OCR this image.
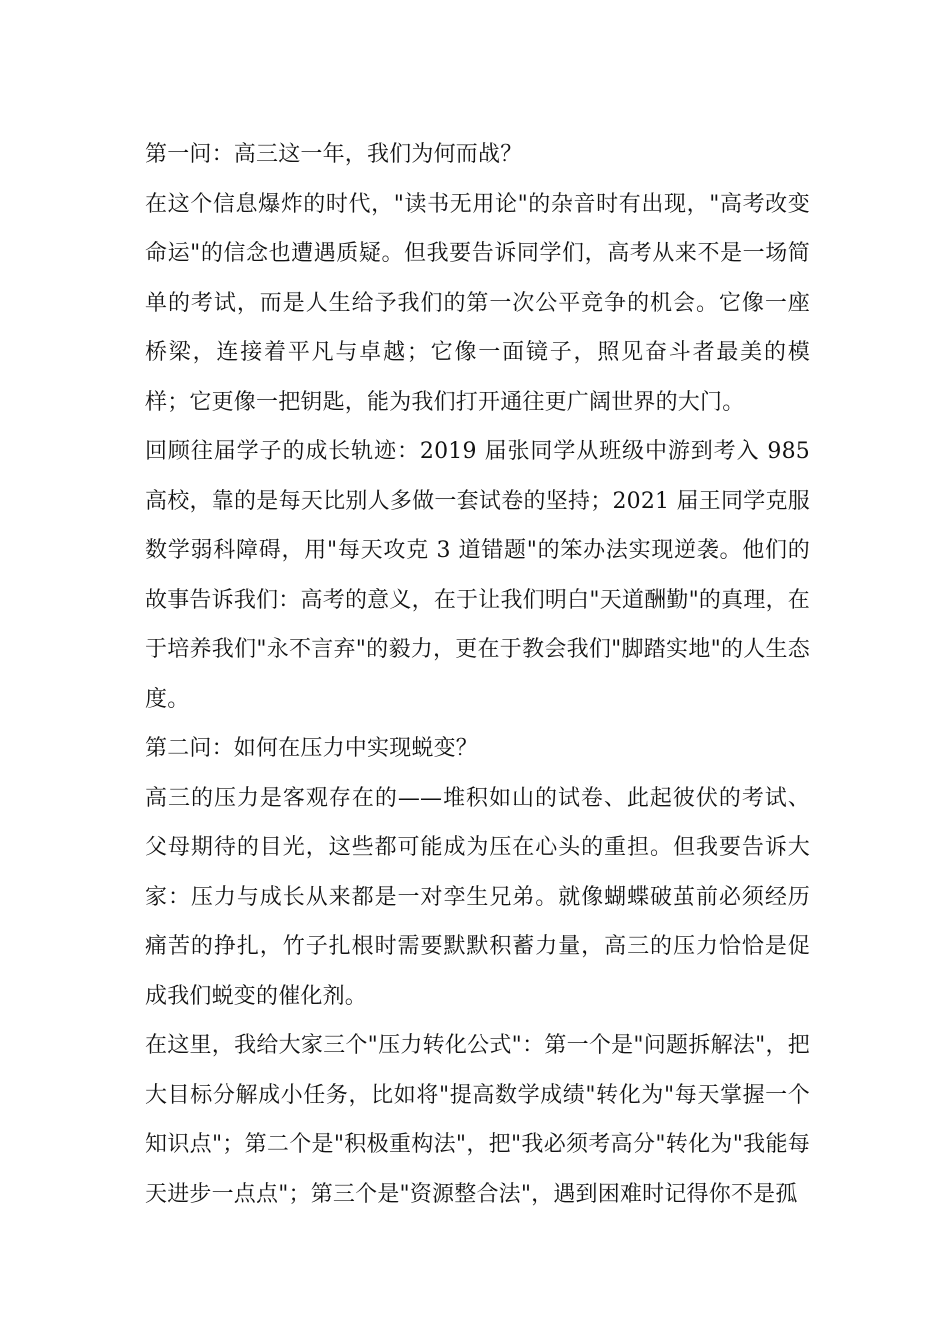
第一问：高三这一年，我们为何而战？

在这个信息爆炸的时代，"读书无用论"的杂音时有出现，"高考改变命运"的信念也遭遇质疑。但我要告诉同学们，高考从来不是一场简单的考试，而是人生给予我们的第一次公平竞争的机会。它像一座桥梁，连接着平凡与卓越；它像一面镜子，照见奋斗者最美的模样；它更像一把钥匙，能为我们打开通往更广阔世界的大门。

回顾往届学子的成长轨迹：2019 届张同学从班级中游到考入 985 高校，靠的是每天比别人多做一套试卷的坚持；2021 届王同学克服数学弱科障碍，用"每天攻克 3 道错题"的笨办法实现逆袭。他们的故事告诉我们：高考的意义，在于让我们明白"天道酬勤"的真理，在于培养我们"永不言弃"的毅力，更在于教会我们"脚踏实地"的人生态度。

第二问：如何在压力中实现蜕变？

高三的压力是客观存在的——堆积如山的试卷、此起彼伏的考试、父母期待的目光，这些都可能成为压在心头的重担。但我要告诉大家：压力与成长从来都是一对孪生兄弟。就像蝴蝶破茧前必须经历痛苦的挣扎，竹子扎根时需要默默积蓄力量，高三的压力恰恰是促成我们蜕变的催化剂。

在这里，我给大家三个"压力转化公式"：第一个是"问题拆解法"，把大目标分解成小任务，比如将"提高数学成绩"转化为"每天掌握一个知识点"；第二个是"积极重构法"，把"我必须考高分"转化为"我能每天进步一点点"；第三个是"资源整合法"，遇到困难时记得你不是孤
